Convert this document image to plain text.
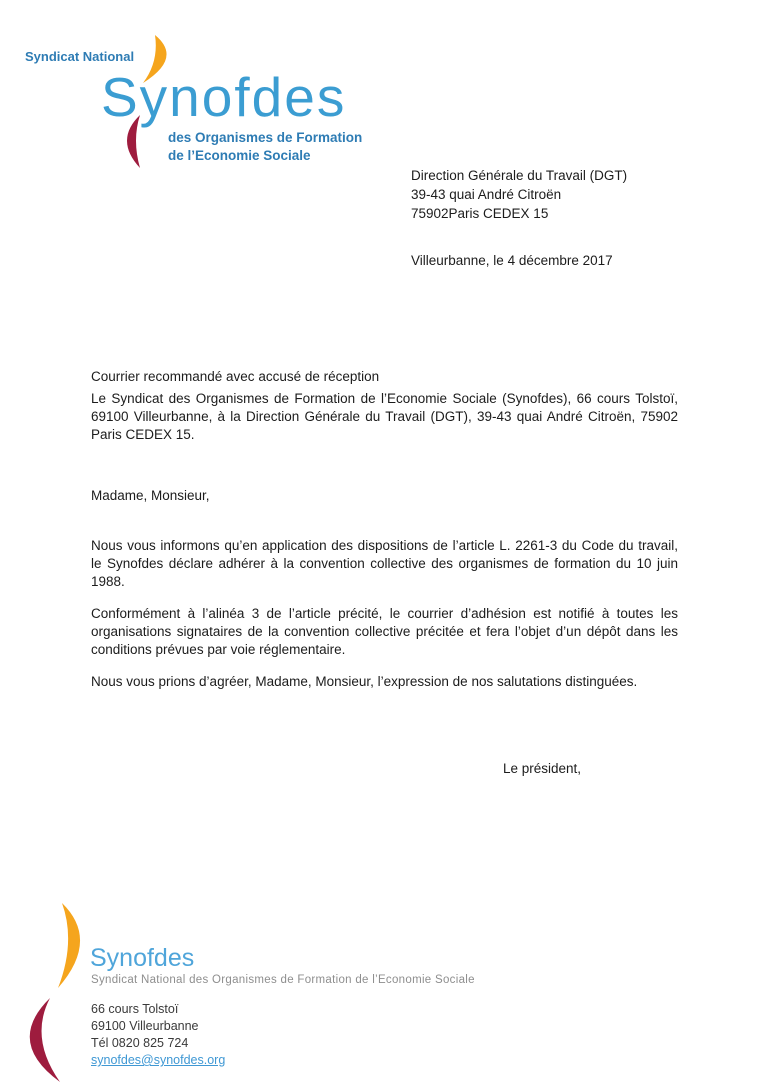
Syndicat National
Synofdes
des Organismes de Formation
de l’Economie Sociale
Direction Générale du Travail (DGT)
39-43 quai André Citroën
75902Paris CEDEX 15
Villeurbanne, le 4 décembre 2017
Courrier recommandé avec accusé de réception
Le Syndicat des Organismes de Formation de l’Economie Sociale (Synofdes), 66 cours Tolstoï, 69100 Villeurbanne, à la Direction Générale du Travail (DGT), 39-43 quai André Citroën, 75902 Paris CEDEX 15.
Madame, Monsieur,
Nous vous informons qu’en application des dispositions de l’article L. 2261-3 du Code du travail, le Synofdes déclare adhérer à la convention collective des organismes de formation du 10 juin 1988.
Conformément à l’alinéa 3 de l’article précité, le courrier d’adhésion est notifié à toutes les organisations signataires de la convention collective précitée et fera l’objet d’un dépôt dans les conditions prévues par voie réglementaire.
Nous vous prions d’agréer, Madame, Monsieur, l’expression de nos salutations distinguées.
Le président,
Synofdes
Syndicat National des Organismes de Formation de l’Economie Sociale
66 cours Tolstoï
69100 Villeurbanne
Tél 0820 825 724
synofdes@synofdes.org
